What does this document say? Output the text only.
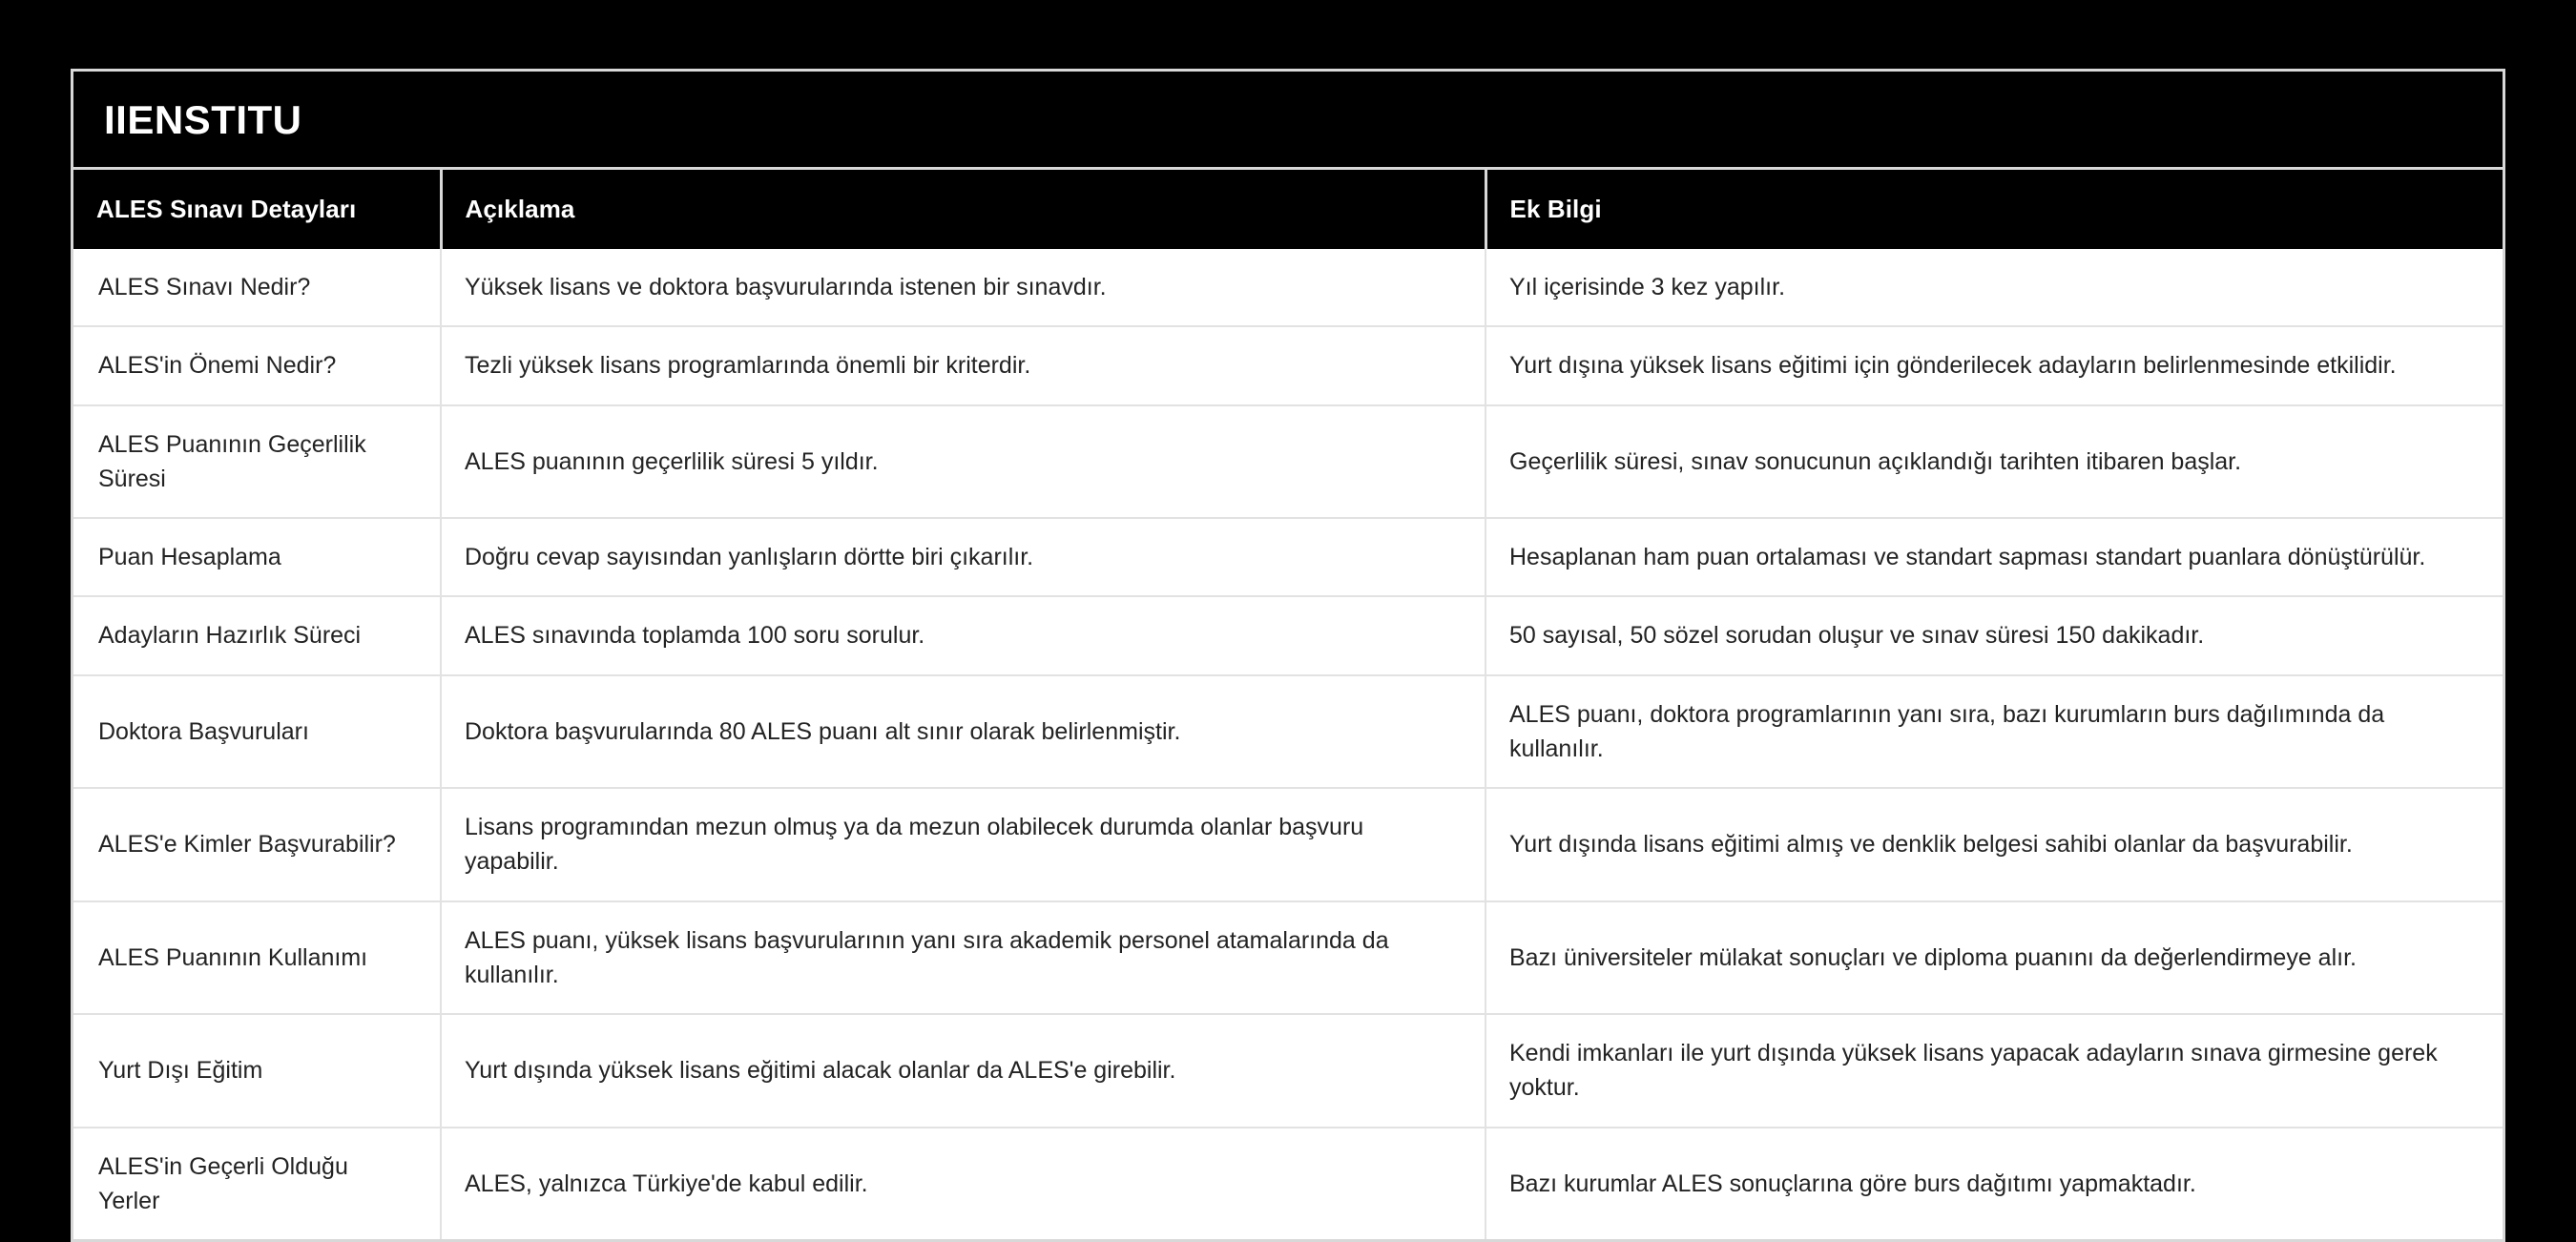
IIENSTITU
ALES Sınavı Detayları	Açıklama	Ek Bilgi
ALES Sınavı Nedir?	Yüksek lisans ve doktora başvurularında istenen bir sınavdır.	Yıl içerisinde 3 kez yapılır.
ALES'in Önemi Nedir?	Tezli yüksek lisans programlarında önemli bir kriterdir.	Yurt dışına yüksek lisans eğitimi için gönderilecek adayların belirlenmesinde etkilidir.
ALES Puanının Geçerlilik Süresi	ALES puanının geçerlilik süresi 5 yıldır.	Geçerlilik süresi, sınav sonucunun açıklandığı tarihten itibaren başlar.
Puan Hesaplama	Doğru cevap sayısından yanlışların dörtte biri çıkarılır.	Hesaplanan ham puan ortalaması ve standart sapması standart puanlara dönüştürülür.
Adayların Hazırlık Süreci	ALES sınavında toplamda 100 soru sorulur.	50 sayısal, 50 sözel sorudan oluşur ve sınav süresi 150 dakikadır.
Doktora Başvuruları	Doktora başvurularında 80 ALES puanı alt sınır olarak belirlenmiştir.	ALES puanı, doktora programlarının yanı sıra, bazı kurumların burs dağılımında da kullanılır.
ALES'e Kimler Başvurabilir?	Lisans programından mezun olmuş ya da mezun olabilecek durumda olanlar başvuru yapabilir.	Yurt dışında lisans eğitimi almış ve denklik belgesi sahibi olanlar da başvurabilir.
ALES Puanının Kullanımı	ALES puanı, yüksek lisans başvurularının yanı sıra akademik personel atamalarında da kullanılır.	Bazı üniversiteler mülakat sonuçları ve diploma puanını da değerlendirmeye alır.
Yurt Dışı Eğitim	Yurt dışında yüksek lisans eğitimi alacak olanlar da ALES'e girebilir.	Kendi imkanları ile yurt dışında yüksek lisans yapacak adayların sınava girmesine gerek yoktur.
ALES'in Geçerli Olduğu Yerler	ALES, yalnızca Türkiye'de kabul edilir.	Bazı kurumlar ALES sonuçlarına göre burs dağıtımı yapmaktadır.
